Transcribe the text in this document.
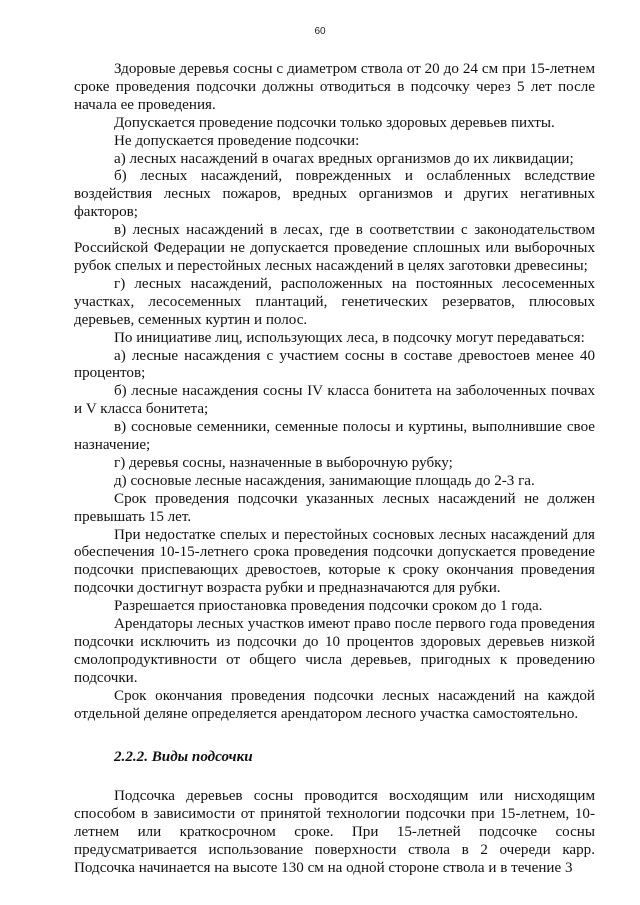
60

Здоровые деревья сосны с диаметром ствола от 20 до 24 см при 15-летнем сроке проведения подсочки должны отводиться в подсочку через 5 лет после начала ее проведения.

Допускается проведение подсочки только здоровых деревьев пихты.

Не допускается проведение подсочки:

а) лесных насаждений в очагах вредных организмов до их ликвидации;

б) лесных насаждений, поврежденных и ослабленных вследствие воздействия лесных пожаров, вредных организмов и других негативных факторов;

в) лесных насаждений в лесах, где в соответствии с законодательством Российской Федерации не допускается проведение сплошных или выборочных рубок спелых и перестойных лесных насаждений в целях заготовки древесины;

г) лесных насаждений, расположенных на постоянных лесосеменных участках, лесосеменных плантаций, генетических резерватов, плюсовых деревьев, семенных куртин и полос.

По инициативе лиц, использующих леса, в подсочку могут передаваться:

а) лесные насаждения с участием сосны в составе древостоев менее 40 процентов;

б) лесные насаждения сосны IV класса бонитета на заболоченных почвах и V класса бонитета;

в) сосновые семенники, семенные полосы и куртины, выполнившие свое назначение;

г) деревья сосны, назначенные в выборочную рубку;

д) сосновые лесные насаждения, занимающие площадь до 2-3 га.

Срок проведения подсочки указанных лесных насаждений не должен превышать 15 лет.

При недостатке спелых и перестойных сосновых лесных насаждений для обеспечения 10-15-летнего срока проведения подсочки допускается проведение подсочки приспевающих древостоев, которые к сроку окончания проведения подсочки достигнут возраста рубки и предназначаются для рубки.

Разрешается приостановка проведения подсочки сроком до 1 года.

Арендаторы лесных участков имеют право после первого года проведения подсочки исключить из подсочки до 10 процентов здоровых деревьев низкой смолопродуктивности от общего числа деревьев, пригодных к проведению подсочки.

Срок окончания проведения подсочки лесных насаждений на каждой отдельной деляне определяется арендатором лесного участка самостоятельно.

2.2.2. Виды подсочки

Подсочка деревьев сосны проводится восходящим или нисходящим способом в зависимости от принятой технологии подсочки при 15-летнем, 10-летнем или краткосрочном сроке. При 15-летней подсочке сосны предусматривается использование поверхности ствола в 2 очереди карр. Подсочка начинается на высоте 130 см на одной стороне ствола и в течение 3
